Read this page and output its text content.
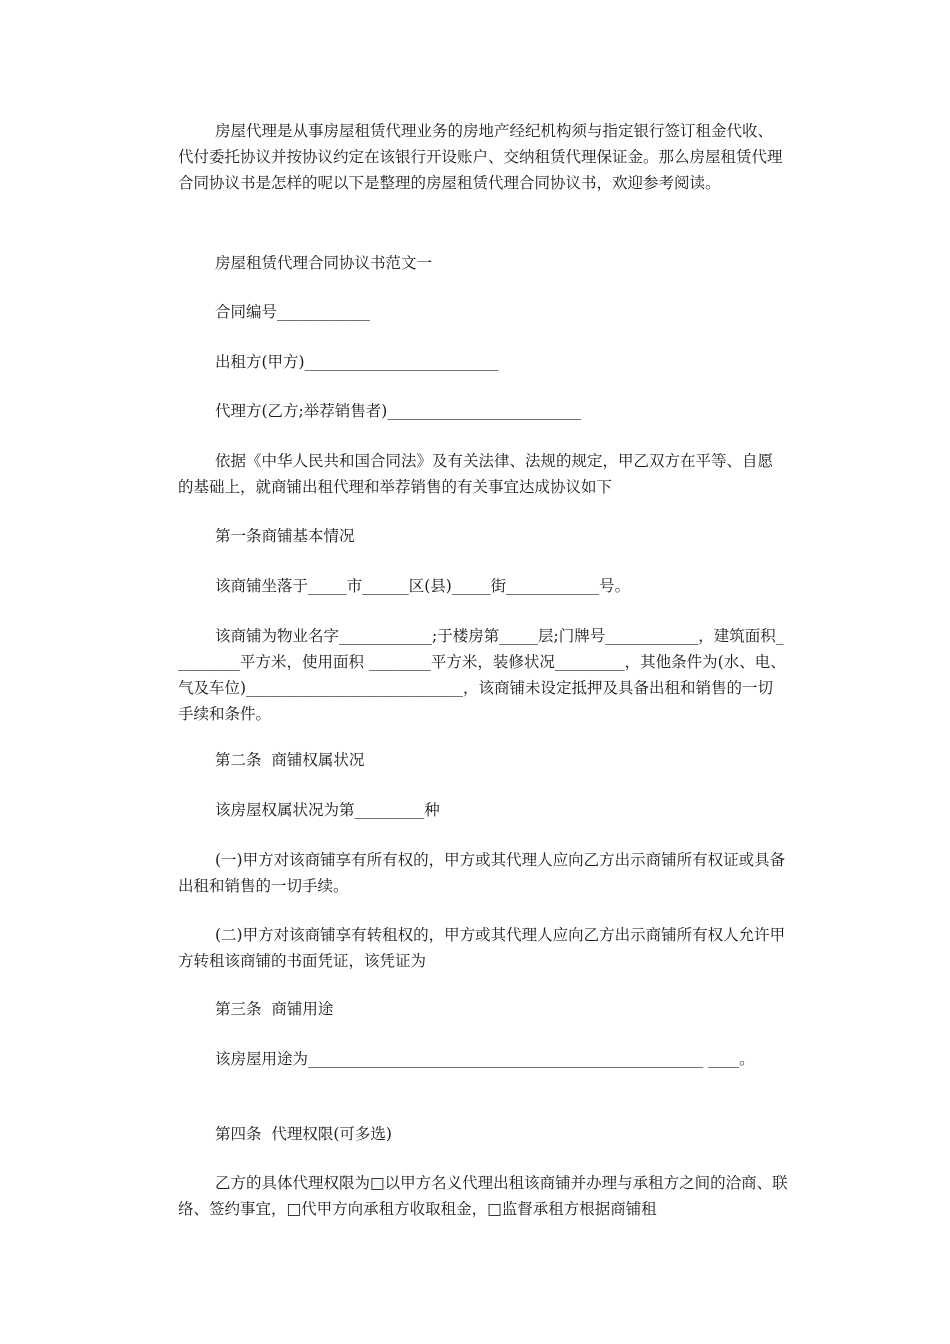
房屋代理是从事房屋租赁代理业务的房地产经纪机构须与指定银行签订租金代收、代付委托协议并按协议约定在该银行开设账户、交纳租赁代理保证金。那么房屋租赁代理合同协议书是怎样的呢以下是整理的房屋租赁代理合同协议书，欢迎参考阅读。

房屋租赁代理合同协议书范文一

合同编号____________

出租方(甲方)_________________________

代理方(乙方;举荐销售者)_________________________

依据《中华人民共和国合同法》及有关法律、法规的规定，甲乙双方在平等、自愿的基础上，就商铺出租代理和举荐销售的有关事宜达成协议如下

第一条商铺基本情况

该商铺坐落于_____市______区(县)_____街____________号。

该商铺为物业名字____________;于楼房第_____层;门牌号____________，建筑面积_________平方米，使用面积 ________平方米，装修状况_________，其他条件为(水、电、气及车位)____________________________，该商铺未设定抵押及具备出租和销售的一切手续和条件。

第二条  商铺权属状况

该房屋权属状况为第_________种

(一)甲方对该商铺享有所有权的，甲方或其代理人应向乙方出示商铺所有权证或具备出租和销售的一切手续。

(二)甲方对该商铺享有转租权的，甲方或其代理人应向乙方出示商铺所有权人允许甲方转租该商铺的书面凭证，该凭证为

第三条  商铺用途

该房屋用途为___________________________________________________ ____。

第四条  代理权限(可多选)

乙方的具体代理权限为□以甲方名义代理出租该商铺并办理与承租方之间的洽商、联络、签约事宜，□代甲方向承租方收取租金，□监督承租方根据商铺租
